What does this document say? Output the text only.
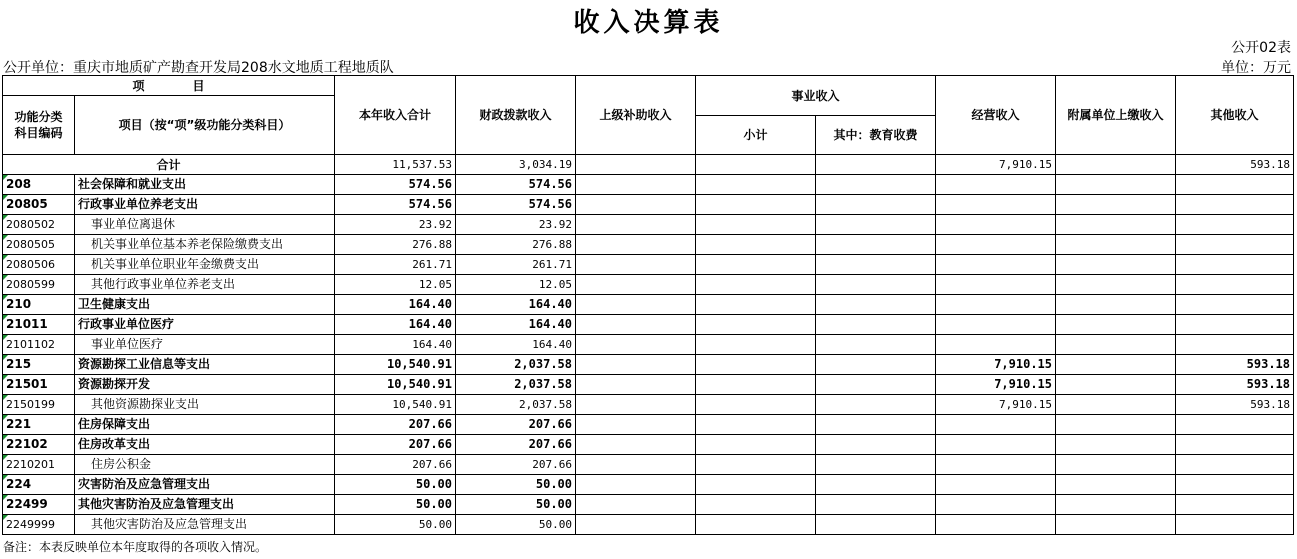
收入决算表
公开02表
公开单位：重庆市地质矿产勘查开发局208水文地质工程地质队	单位：万元
项　　　　目		本年收入合计	财政拨款收入	上级补助收入	事业收入		经营收入	附属单位上缴收入	其他收入
功能分类科目编码	项目（按“项”级功能分类科目）								
					小计	其中：教育收费			
合计		11,537.53	3,034.19				7,910.15		593.18
208	社会保障和就业支出	574.56	574.56						
20805	行政事业单位养老支出	574.56	574.56						
2080502	事业单位离退休	23.92	23.92						
2080505	机关事业单位基本养老保险缴费支出	276.88	276.88						
2080506	机关事业单位职业年金缴费支出	261.71	261.71						
2080599	其他行政事业单位养老支出	12.05	12.05						
210	卫生健康支出	164.40	164.40						
21011	行政事业单位医疗	164.40	164.40						
2101102	事业单位医疗	164.40	164.40						
215	资源勘探工业信息等支出	10,540.91	2,037.58				7,910.15		593.18
21501	资源勘探开发	10,540.91	2,037.58				7,910.15		593.18
2150199	其他资源勘探业支出	10,540.91	2,037.58				7,910.15		593.18
221	住房保障支出	207.66	207.66						
22102	住房改革支出	207.66	207.66						
2210201	住房公积金	207.66	207.66						
224	灾害防治及应急管理支出	50.00	50.00						
22499	其他灾害防治及应急管理支出	50.00	50.00						
2249999	其他灾害防治及应急管理支出	50.00	50.00						
备注：本表反映单位本年度取得的各项收入情况。
